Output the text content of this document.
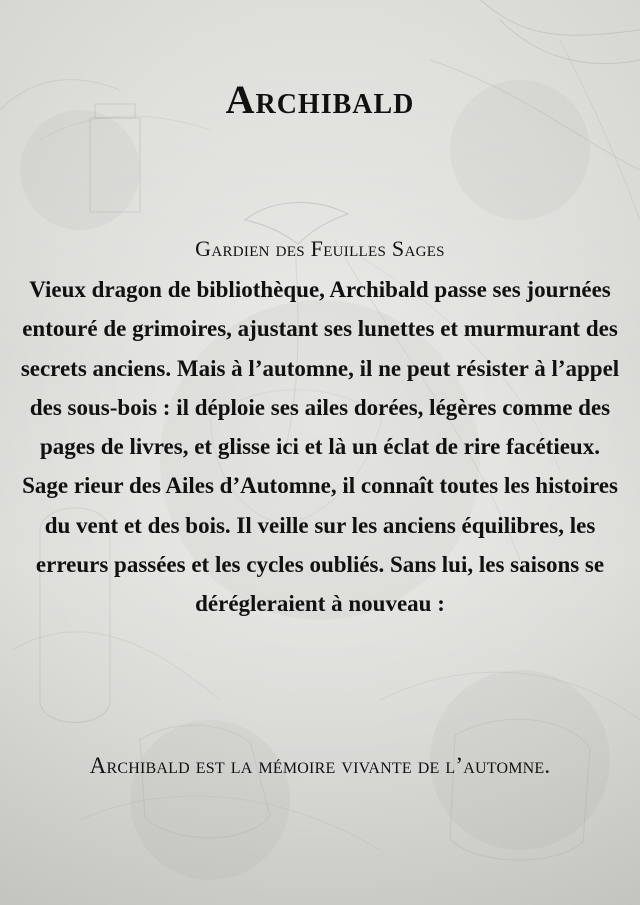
Archibald
Gardien des Feuilles Sages

Vieux dragon de bibliothèque, Archibald passe ses journées entouré de grimoires, ajustant ses lunettes et murmurant des secrets anciens. Mais à l’automne, il ne peut résister à l’appel des sous-bois : il déploie ses ailes dorées, légères comme des pages de livres, et glisse ici et là un éclat de rire facétieux.

Sage rieur des Ailes d’Automne, il connaît toutes les histoires du vent et des bois. Il veille sur les anciens équilibres, les erreurs passées et les cycles oubliés. Sans lui, les saisons se dérégleraient à nouveau :

Archibald est la mémoire vivante de l’automne.
